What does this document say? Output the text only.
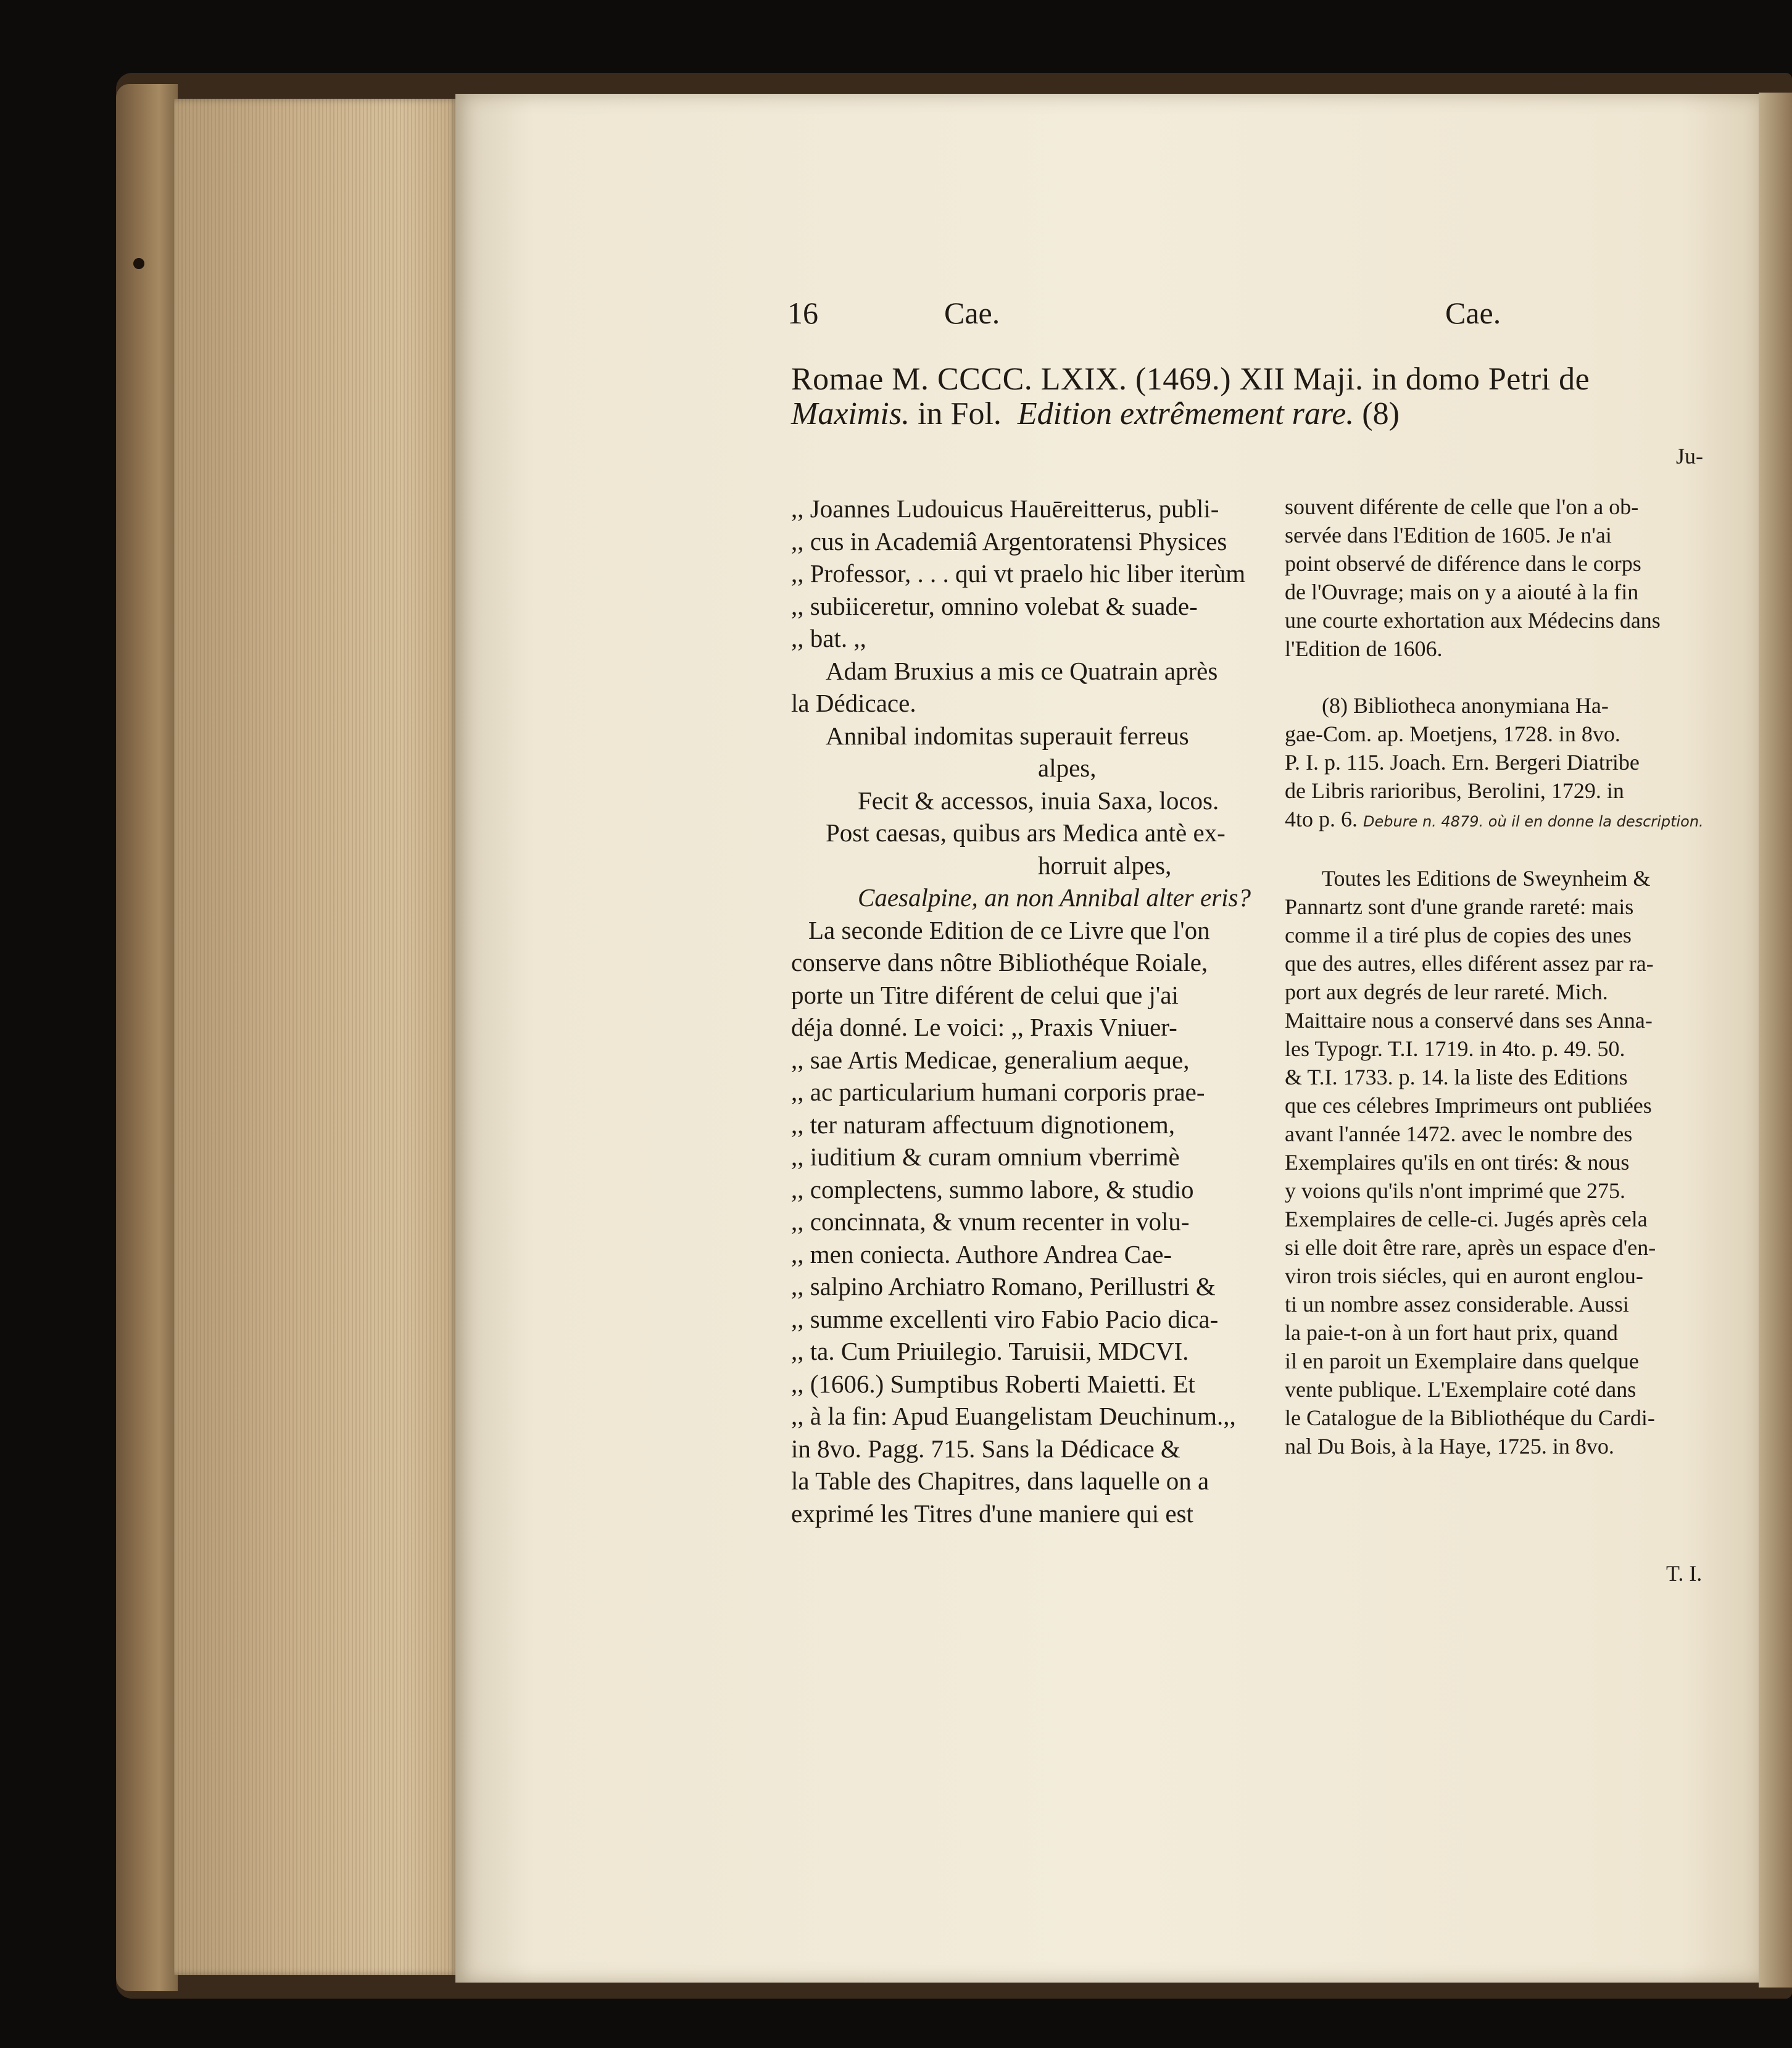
16	Cae.	Cae.
Romae M. CCCC. LXIX. (1469.) XII Maji. in domo Petri de
Maximis. in Fol. Edition extrêmement rare. (8)
Ju-
,, Joannes Ludouicus Hauēreitterus, publi-
,, cus in Academiâ Argentoratensi Physices
,, Professor, . . . qui vt praelo hic liber iterùm
,, subiiceretur, omnino volebat & suade-
,, bat. ,,
Adam Bruxius a mis ce Quatrain après
la Dédicace.
Annibal indomitas superauit ferreus
alpes,
Fecit & accessos, inuia Saxa, locos.
Post caesas, quibus ars Medica antè ex-
horruit alpes,
Caesalpine, an non Annibal alter eris?
La seconde Edition de ce Livre que l'on
conserve dans nôtre Bibliothéque Roiale,
porte un Titre diférent de celui que j'ai
déja donné. Le voici: ,, Praxis Vniuer-
,, sae Artis Medicae, generalium aeque,
,, ac particularium humani corporis prae-
,, ter naturam affectuum dignotionem,
,, iuditium & curam omnium vberrimè
,, complectens, summo labore, & studio
,, concinnata, & vnum recenter in volu-
,, men coniecta. Authore Andrea Cae-
,, salpino Archiatro Romano, Perillustri &
,, summe excellenti viro Fabio Pacio dica-
,, ta. Cum Priuilegio. Taruisii, MDCVI.
,, (1606.) Sumptibus Roberti Maietti. Et
,, à la fin: Apud Euangelistam Deuchinum.,,
in 8vo. Pagg. 715. Sans la Dédicace &
la Table des Chapitres, dans laquelle on a
exprimé les Titres d'une maniere qui est
souvent diférente de celle que l'on a ob-
servée dans l'Edition de 1605. Je n'ai
point observé de diférence dans le corps
de l'Ouvrage; mais on y a aiouté à la fin
une courte exhortation aux Médecins dans
l'Edition de 1606.
(8) Bibliotheca anonymiana Ha-
gae-Com. ap. Moetjens, 1728. in 8vo.
P. I. p. 115. Joach. Ern. Bergeri Diatribe
de Libris rarioribus, Berolini, 1729. in
4to p. 6. Debure n. 4879. où il en donne la description.
Toutes les Editions de Sweynheim &
Pannartz sont d'une grande rareté: mais
comme il a tiré plus de copies des unes
que des autres, elles diférent assez par ra-
port aux degrés de leur rareté. Mich.
Maittaire nous a conservé dans ses Anna-
les Typogr. T.I. 1719. in 4to. p. 49. 50.
& T.I. 1733. p. 14. la liste des Editions
que ces célebres Imprimeurs ont publiées
avant l'année 1472. avec le nombre des
Exemplaires qu'ils en ont tirés: & nous
y voions qu'ils n'ont imprimé que 275.
Exemplaires de celle-ci. Jugés après cela
si elle doit être rare, après un espace d'en-
viron trois siécles, qui en auront englou-
ti un nombre assez considerable. Aussi
la paie-t-on à un fort haut prix, quand
il en paroit un Exemplaire dans quelque
vente publique. L'Exemplaire coté dans
le Catalogue de la Bibliothéque du Cardi-
nal Du Bois, à la Haye, 1725. in 8vo.
T. I.
